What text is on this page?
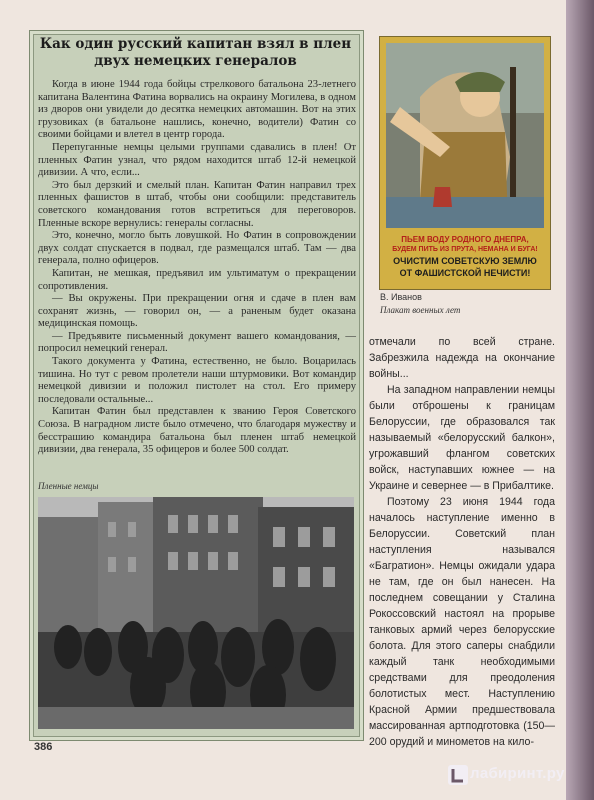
Как один русский капитан взял в плен
двух немецких генералов

Когда в июне 1944 года бойцы стрелкового батальона 23-летнего капитана Валентина Фатина ворвались на окраину Могилева, в одном из дворов они увидели до десятка немецких автомашин. Вот на этих грузовиках (в батальоне нашлись, конечно, водители) Фатин со своими бойцами и влетел в центр города.

Перепуганные немцы целыми группами сдавались в плен! От пленных Фатин узнал, что рядом находится штаб 12-й немецкой дивизии. А что, если...

Это был дерзкий и смелый план. Капитан Фатин направил трех пленных фашистов в штаб, чтобы они сообщили: представитель советского командования готов встретиться для переговоров. Пленные вскоре вернулись: генералы согласны.

Это, конечно, могло быть ловушкой. Но Фатин в сопровождении двух солдат спускается в подвал, где размещался штаб. Там — два генерала, полно офицеров.

Капитан, не мешкая, предъявил им ультиматум о прекращении сопротивления.

— Вы окружены. При прекращении огня и сдаче в плен вам сохранят жизнь, — говорил он, — а раненым будет оказана медицинская помощь.

— Предъявите письменный документ вашего командования, — попросил немецкий генерал.

Такого документа у Фатина, естественно, не было. Воцарилась тишина. Но тут с ревом пролетели наши штурмовики. Вот командир немецкой дивизии и положил пистолет на стол. Его примеру последовали остальные...

Капитан Фатин был представлен к званию Героя Советского Союза. В наградном листе было отмечено, что благодаря мужеству и бесстрашию командира батальона был пленен штаб немецкой дивизии, два генерала, 35 офицеров и более 500 солдат.

Пленные немцы
ПЬЕМ ВОДУ РОДНОГО ДНЕПРА,
БУДЕМ ПИТЬ ИЗ ПРУТА, НЕМАНА И БУГА!
ОЧИСТИМ СОВЕТСКУЮ ЗЕМЛЮ
ОТ ФАШИСТСКОЙ НЕЧИСТИ!
В. Иванов
Плакат военных лет

отмечали по всей стране. Забрезжила надежда на окончание войны...

На западном направлении немцы были отброшены к границам Белоруссии, где образовался так называемый «белорусский балкон», угрожавший флангом советских войск, наступавших южнее — на Украине и севернее — в Прибалтике.

Поэтому 23 июня 1944 года началось наступление именно в Белоруссии. Советский план наступления назывался «Багратион». Немцы ожидали удара не там, где он был нанесен. На последнем совещании у Сталина Рокоссовский настоял на прорыве танковых армий через белорусские болота. Для этого саперы снабдили каждый танк необходимыми средствами для преодоления болотистых мест. Наступлению Красной Армии предшествовала массированная артподготовка (150—200 орудий и минометов на кило-

386
лабиринт.ру
